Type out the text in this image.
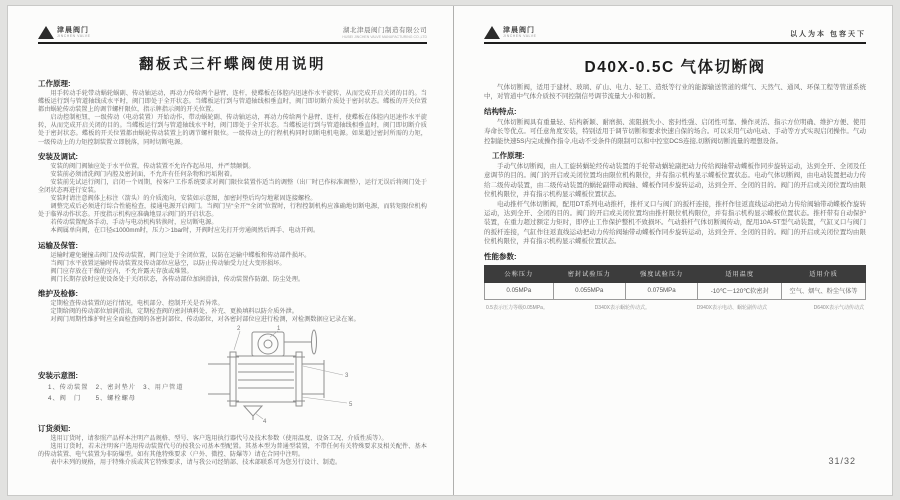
津晨阀门
JINCHEN VALVE
湖北津晨阀门制造有限公司
HUBEI JINCHEN VALVE MANUFACTURING CO.,LTD
翻板式三杆蝶阀使用说明
工作原理:

用手转动手轮带动蜗轮蜗副、传动轴运动，再动力传给两个悬臂、连杆，使蝶板在体腔内迅速作水平旋转，从而完成开启关闭的目的。当蝶板运行到与管道轴线成水平时，阀门即处于全开状态。当蝶板运行到与管道轴线相垂直时，阀门即切断介质处于密封状态。蝶板的开关位置都由蜗轮传动装置上的调节螺杆限位，指示牌指示阀的开关位置。

启动控制柜钮，一级传动（电动装置）开始动作，带动蜗轮副、传动轴运动，再动力传给两个悬臂、连杆，使蝶板在体腔内迅速作水平旋转，从而完成开启关闭的目的。当蝶板运行到与管道轴线水平时，阀门即处于全开状态。当蝶板运行到与管道轴线相垂直时，阀门即切断介质处于密封状态。蝶板的开关位置都由蜗轮传动装置上的调节螺杆限位。一级传动上的行程机构同时切断电机电源。如果超过密封所需的力矩，一级传动上的力矩控制装置立即脱落，同时切断电源。

安装及调试:

安装的阀门阀轴应处于水平位置，传动装置不允许作起吊用，并严禁颠倒。

安装前必须清洗阀门内腔及密封面，不允许有任何杂物和污垢附着。

安装前先试运行阀门，启闭一个周期，按客户工作系统要求对阀门限位装置作适当的调整（出厂时已作标准调整），运行无误后将阀门处于全闭状态再进行安装。

安装时请注意阀体上标注（箭头）的介质流向，安装如示意图，加密封垫后均匀地紧固连接螺栓。

调整完成后必须进行综合性能检查，接通电源开启阀门。当阀门呈“全开”“全闭”位置时，行程控制机构应准确地切断电源，而转矩限位机构处于临界动作状态。开度指示机构应准确地显示阀门的开启状态。

若传动装置配备手动，手动与电动机构转换时，应切断电源。

本阀属单向阀，在口径≤1000mm时，压力＞1bar时，开阀时应先打开旁通阀然后再手、电动开阀。

运输及保管:

运输时避免碰撞击阀门及传动装置，阀门应处于全闭位置，以防在运输中蝶板和传动部件损坏。

当阀门水平放置运输时传动装置及传动部位应悬空，以防止传动轴受力过大变形损坏。

阀门应存放在干燥的室内，不允许露天存放或堆置。

阀门长期存放时应使设备处于关闭状态，各传动部位加润滑油，传动装置作防潮、防尘处理。

维护及检修:

定期检查传动装置的运行情况，电机部分、控制开关是否异常。

定期给阀的传动部位加润滑油，定期检查阀的密封填料处，补充、更换填料以防介质外泄。

对阀门周期性维护时应全面检查阀的各密封部位、传动部位，对各密封部位应进行检测，对检测数据应记录在案。

1
2
3
4
5
安装示意图:
1、传动装置　2、密封垫片　3、用户管道
4、阀　门　　5、螺栓螺母
订货须知:

选用订货时，请参照产品样本注明产品规格、型号、客户选用执行器代号及技术参数（使用温度、设备工况、介质性质等）。

选用订货时，若未注明客户选用传动装置代号的按我公司基本型配置。其基本型为普通型装置，不带任何有关特殊要求及相关配件、基本的传动装置、电气装置为非防爆型。如有其他特殊要求（户外、微控、防爆等）请在合同中注明。

表中未列的规格，用于特殊介质或其它特殊要求，请与我公司经销部、技术部联系可为您另行设计、制造。

津晨阀门
JINCHEN VALVE	以人为本 包容天下
D40X-0.5C 气体切断阀

气体切断阀，适用于建材、玻璃、矿山、电力、轻工、造纸等行业的能源输送管道的煤气、天然气、通风、环保工程等管道系统中，对管道中气体介质按不同控制信号调节流量大小和切断。

结构特点:

气体切断阀具有重量轻、结构新颖、耐磨损、流阻损失小、密封性强、启闭性可靠、操作灵活、指示方位明确、维护方便、使用寿命长等优点。可任意角度安装，特别适用于调节切断和要求快速自保的场合。可以采用气动/电动、手动等方式实现启闭操作。气动控制能快速5S内完成操作指令,电动不受条件的限制可以和中控室DCS连接,切断阀切断流量的理想设备。

工作原理:

手动气体切断阀，由人工旋转蜗轮经传动装置的手轮带动蜗轮副把动力传给阀轴带动蝶板作同步旋转运动，达到全开、全闭及任意调节的目的。阀门的开启或关闭位置均由限位机构限位，并有指示机构显示蝶板位置状态。电动气体切断阀，由电动装置把动力传给二级传动装置，由二级传动装置的蜗轮副带动阀轴、蝶板作同步旋转运动，达到全开、全闭的目的。阀门的开启或关闭位置均由限位机构限位，并有指示机构显示蝶板位置状态。

电动推杆气体切断阀，配用DT系列电动推杆，推杆叉口与阀门的扳杆连接，推杆作往返直线运动把动力传给阀轴带动蝶板作旋转运动，达到全开、全闭的目的。阀门的开启或关闭位置均由推杆限位机构限位，并有指示机构显示蝶板位置状态。推杆带有自动保护装置，在重力超过额定力矩时，即停止工作保护整机不致损坏。气动推杆气体切断阀传动，配用10A-5T型气动装置，气缸叉口与阀门的扳杆连接，气缸作往返直线运动把动力传给阀轴带动蝶板作同步旋转运动，达到全开、全闭的目的。阀门的开启或关闭位置均由限位机构限位，并有指示机构显示蝶板位置状态。

性能参数:
公称压力	密封试验压力	强度试验压力	适用温度	适用介质
0.05MPa	0.055MPa	0.075MPa	-10℃～120℃软密封	空气、烟气、粉尘气体等
0.5表示压力等级0.05MPa。	D340X表示蜗轮传动式。	D940X表示电动、蜗轮副传动式	D640X表示气动传动式
31/32
